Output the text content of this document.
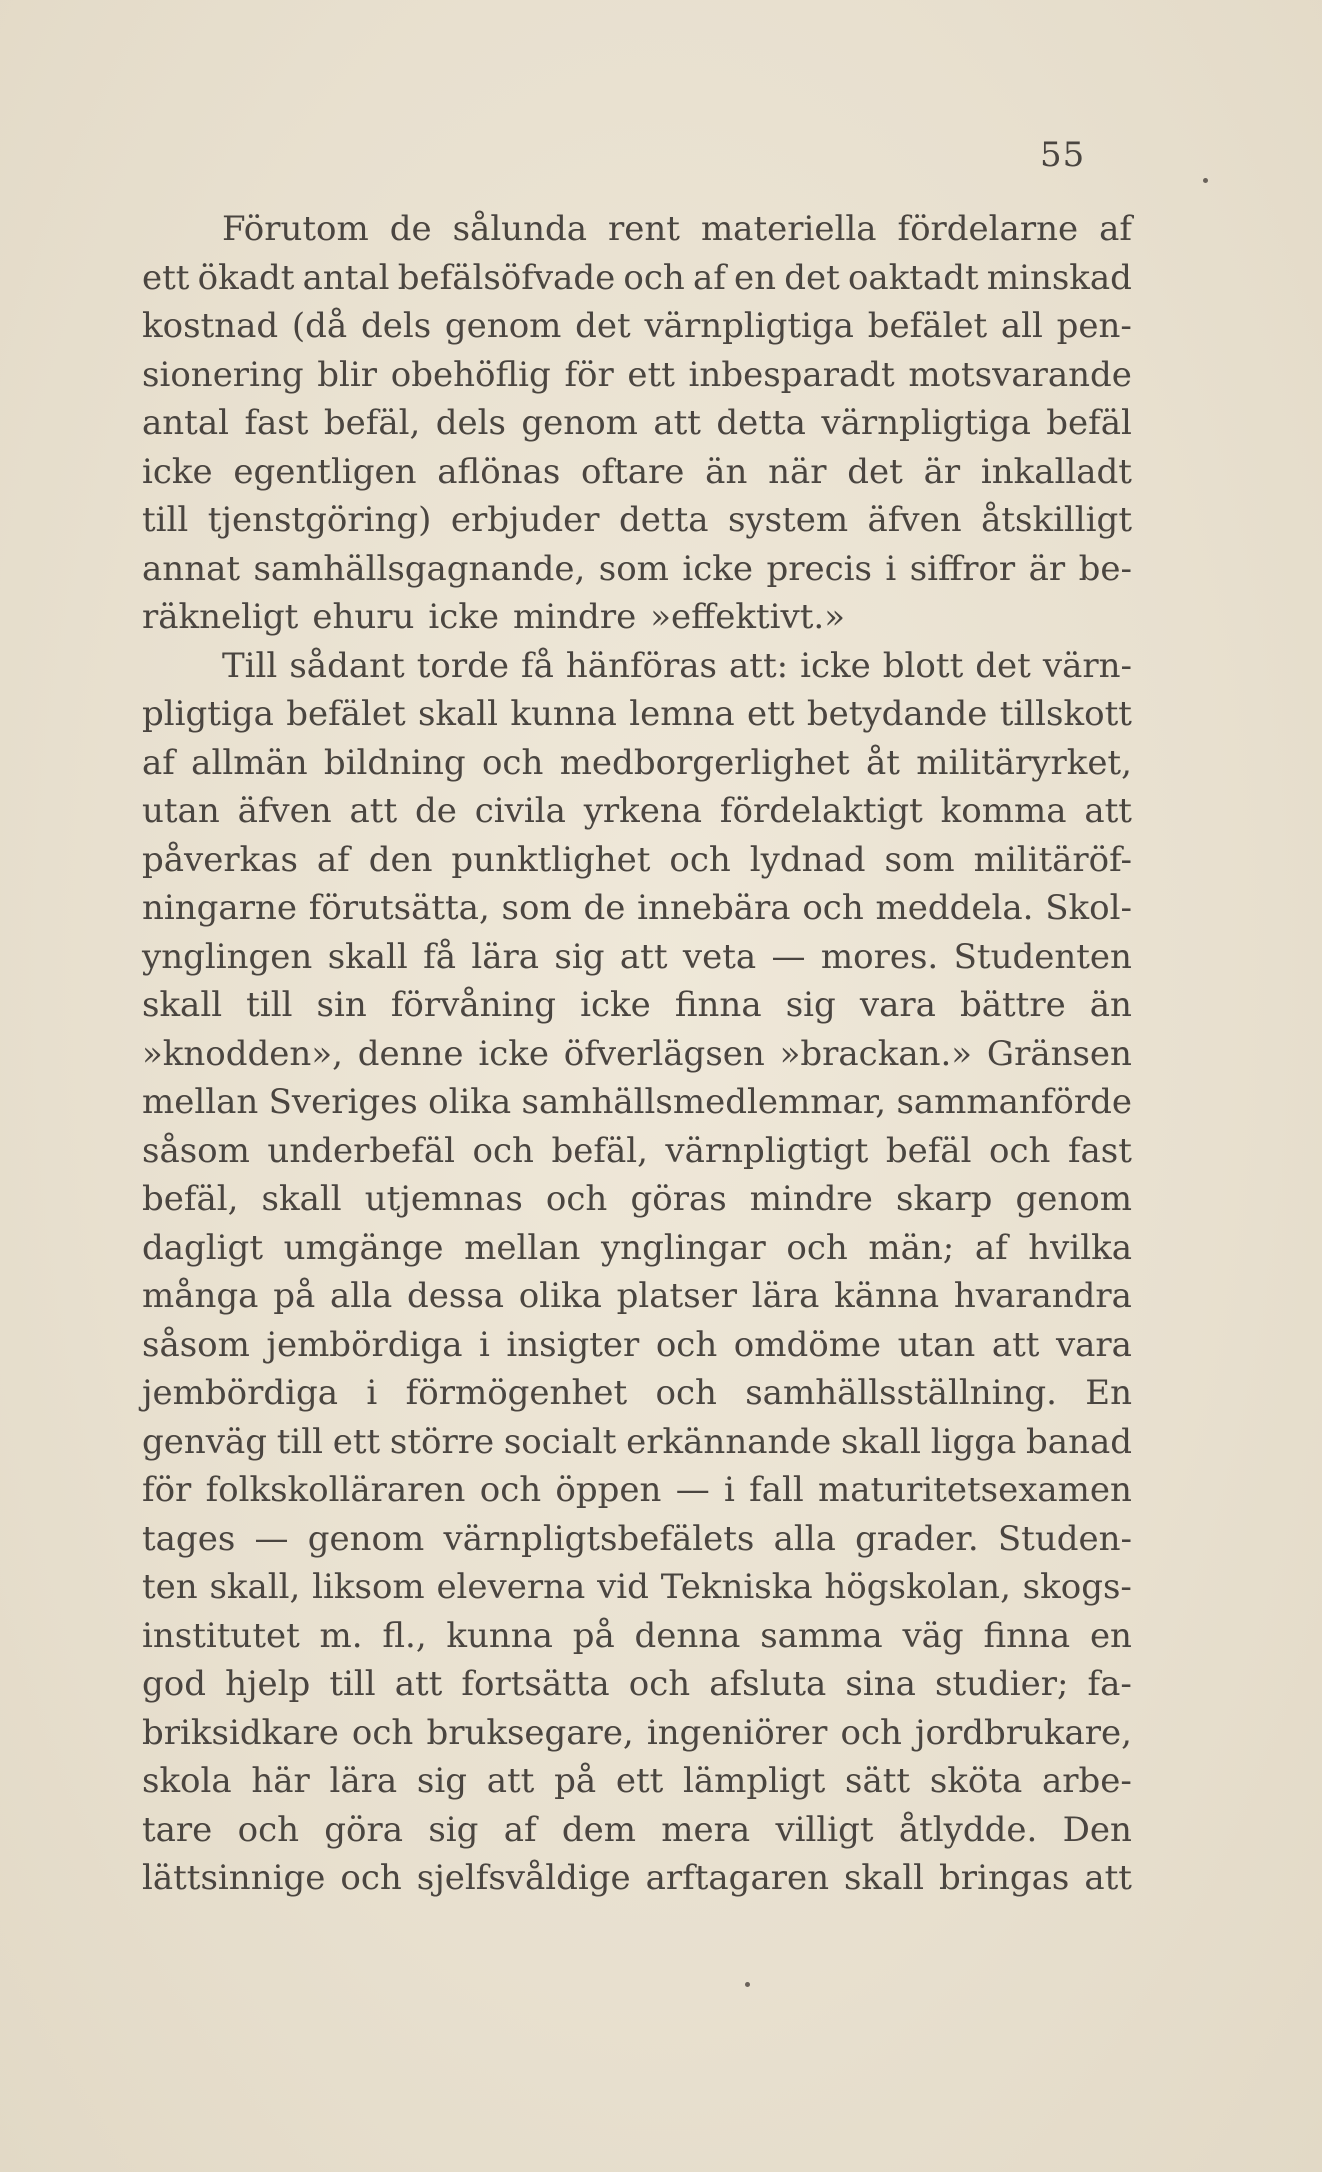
55
Förutom de sålunda rent materiella fördelarne af
ett ökadt antal befälsöfvade och af en det oaktadt minskad
kostnad (då dels genom det värnpligtiga befälet all pen-
sionering blir obehöflig för ett inbesparadt motsvarande
antal fast befäl, dels genom att detta värnpligtiga befäl
icke egentligen aflönas oftare än när det är inkalladt
till tjenstgöring) erbjuder detta system äfven åtskilligt
annat samhällsgagnande, som icke precis i siffror är be-
räkneligt ehuru icke mindre »effektivt.»
Till sådant torde få hänföras att: icke blott det värn-
pligtiga befälet skall kunna lemna ett betydande tillskott
af allmän bildning och medborgerlighet åt militäryrket,
utan äfven att de civila yrkena fördelaktigt komma att
påverkas af den punktlighet och lydnad som militäröf-
ningarne förutsätta, som de innebära och meddela. Skol-
ynglingen skall få lära sig att veta — mores. Studenten
skall till sin förvåning icke finna sig vara bättre än
»knodden», denne icke öfverlägsen »brackan.» Gränsen
mellan Sveriges olika samhällsmedlemmar, sammanförde
såsom underbefäl och befäl, värnpligtigt befäl och fast
befäl, skall utjemnas och göras mindre skarp genom
dagligt umgänge mellan ynglingar och män; af hvilka
många på alla dessa olika platser lära känna hvarandra
såsom jembördiga i insigter och omdöme utan att vara
jembördiga i förmögenhet och samhällsställning. En
genväg till ett större socialt erkännande skall ligga banad
för folkskolläraren och öppen — i fall maturitetsexamen
tages — genom värnpligtsbefälets alla grader. Studen-
ten skall, liksom eleverna vid Tekniska högskolan, skogs-
institutet m. fl., kunna på denna samma väg finna en
god hjelp till att fortsätta och afsluta sina studier; fa-
briksidkare och bruksegare, ingeniörer och jordbrukare,
skola här lära sig att på ett lämpligt sätt sköta arbe-
tare och göra sig af dem mera villigt åtlydde. Den
lättsinnige och sjelfsvåldige arftagaren skall bringas att
